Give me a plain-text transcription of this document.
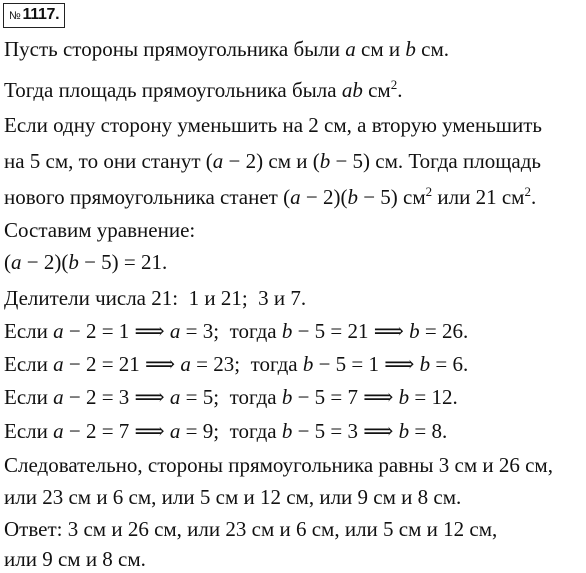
№ 1117.
Пусть стороны прямоугольника были a см и b см.
Тогда площадь прямоугольника была ab $см^2$.
Если одну сторону уменьшить на 2 см, а вторую уменьшить
на 5 см, то они станут (a − 2) см и (b − 5) см. Тогда площадь
нового прямоугольника станет (a − 2)(b − 5) $см^2$ или 21 $см^2$.
Составим уравнение:
(a − 2)(b − 5) = 21.
Делители числа 21:  1 и 21;  3 и 7.
Если a − 2 = 1 ⟹ a = 3;  тогда b − 5 = 21 ⟹ b = 26.
Если a − 2 = 21 ⟹ a = 23;  тогда b − 5 = 1 ⟹ b = 6.
Если a − 2 = 3 ⟹ a = 5;  тогда b − 5 = 7 ⟹ b = 12.
Если a − 2 = 7 ⟹ a = 9;  тогда b − 5 = 3 ⟹ b = 8.
Следовательно, стороны прямоугольника равны 3 см и 26 см,
или 23 см и 6 см, или 5 см и 12 см, или 9 см и 8 см.
Ответ: 3 см и 26 см, или 23 см и 6 см, или 5 см и 12 см,
или 9 см и 8 см.
